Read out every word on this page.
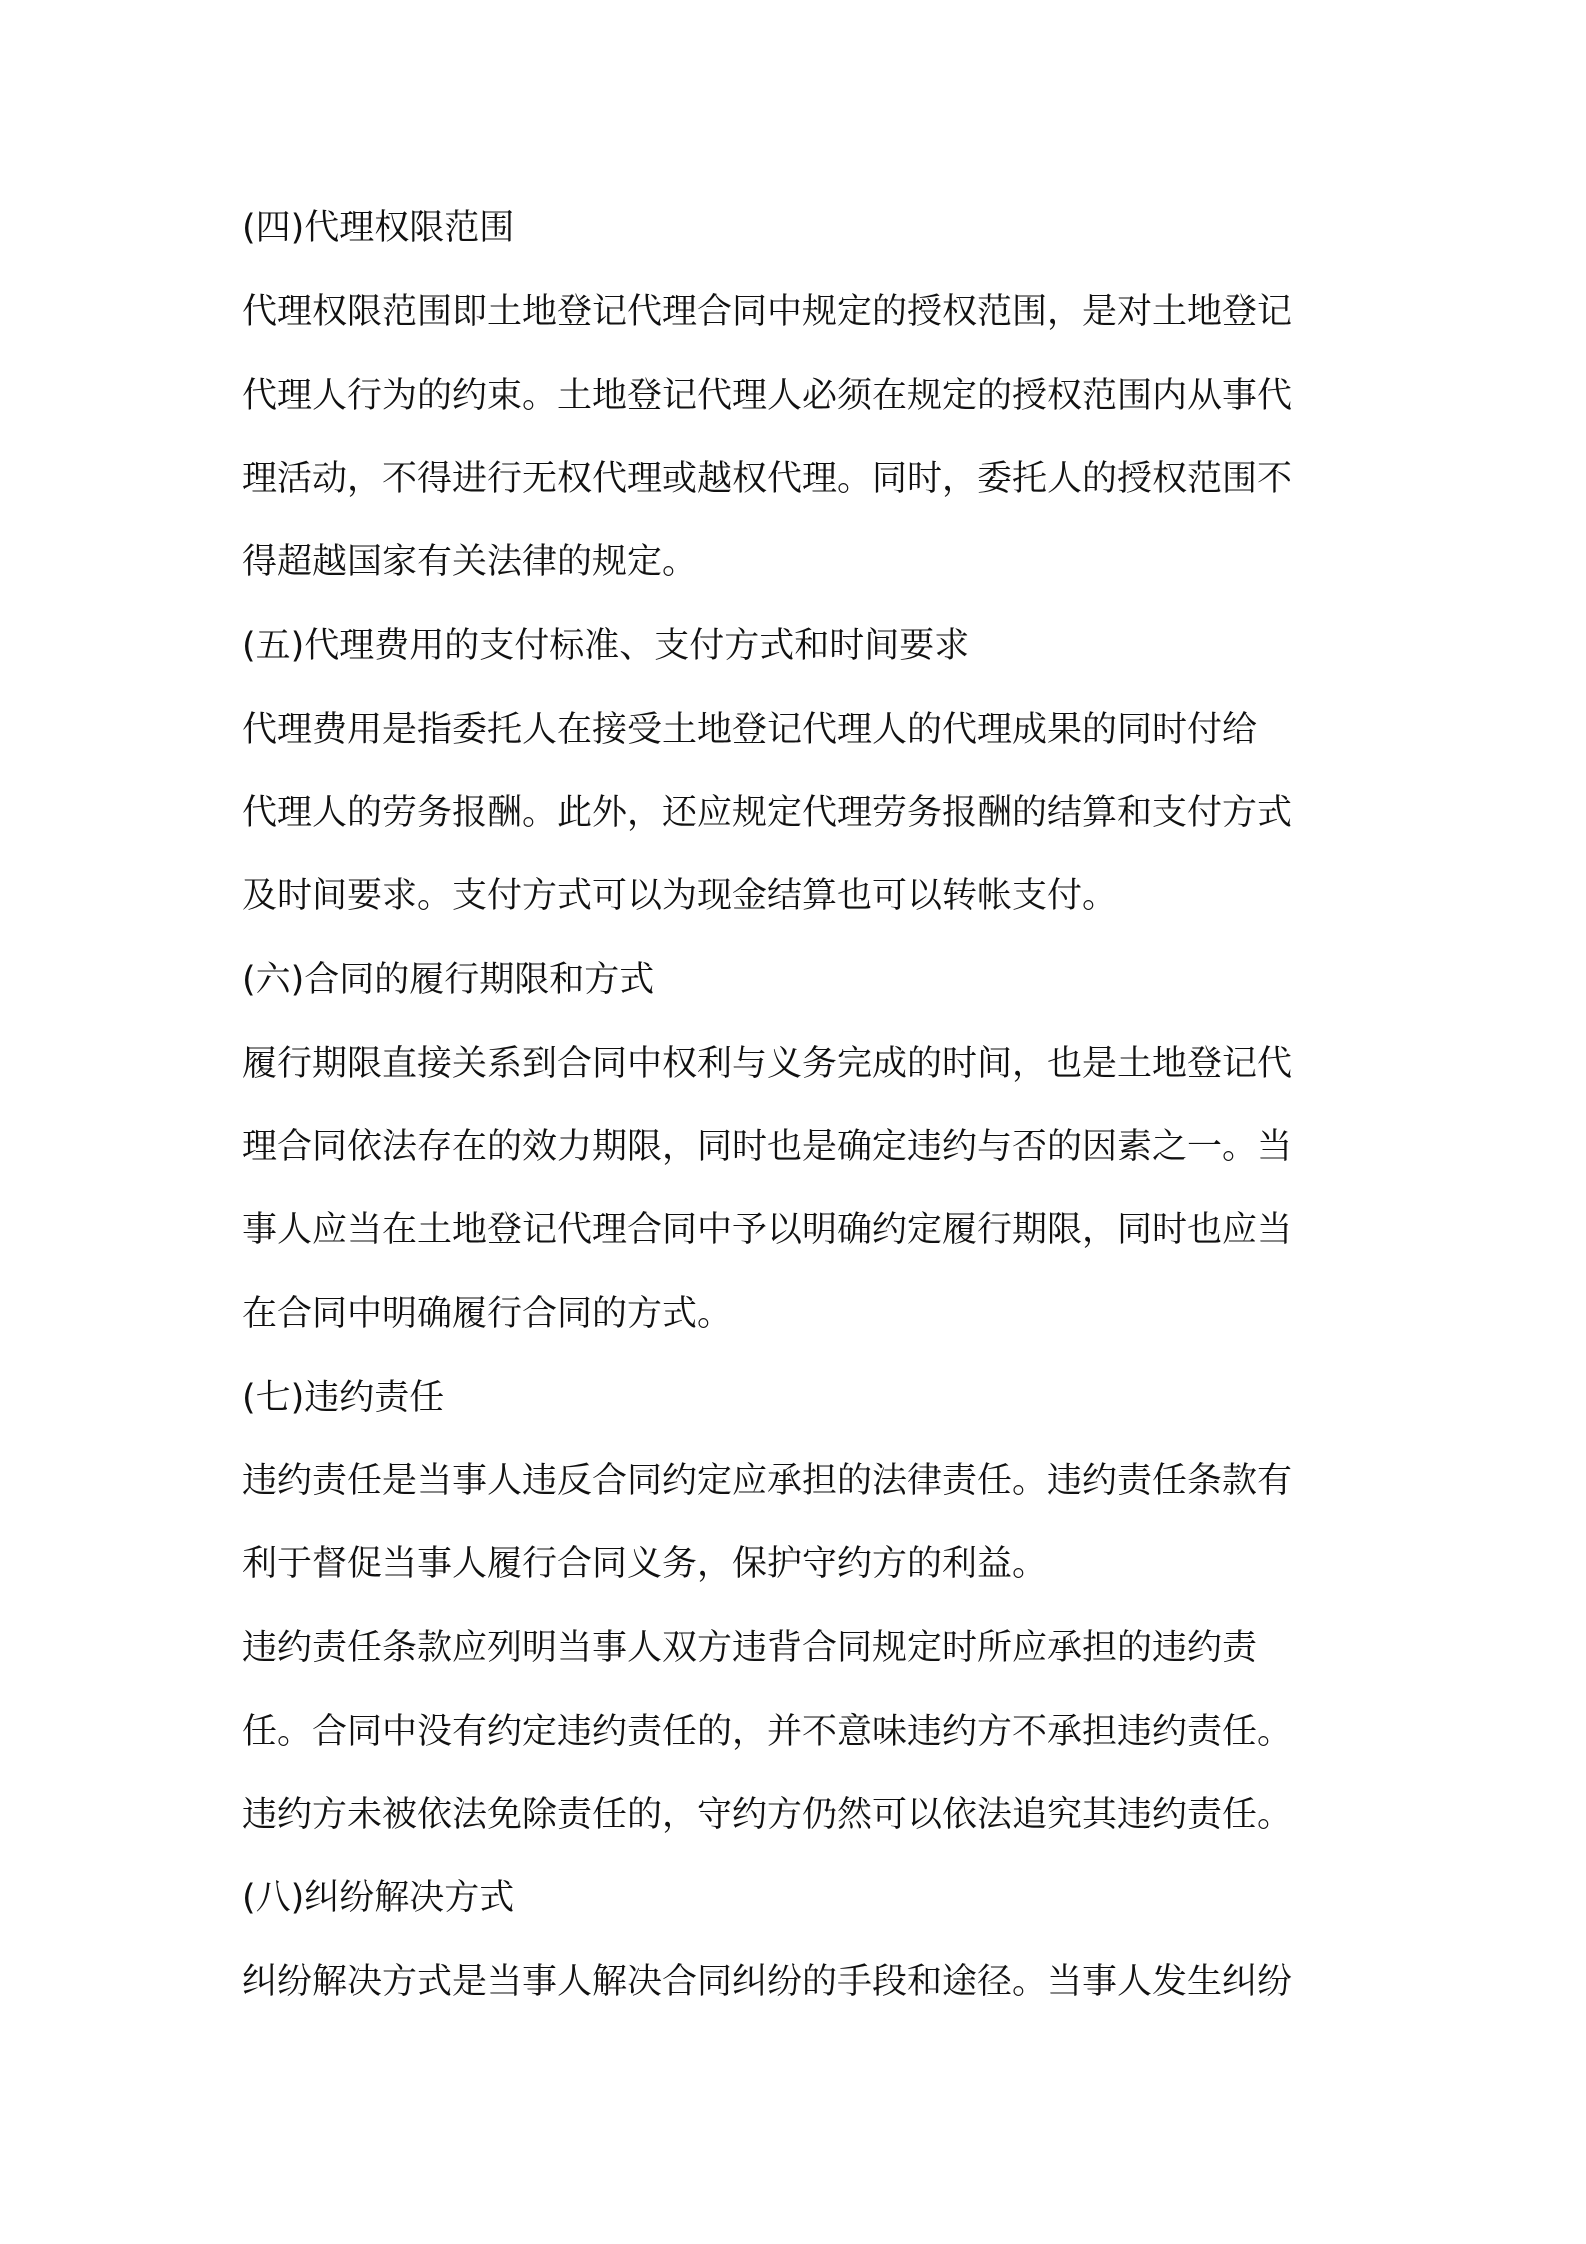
(四)代理权限范围
代理权限范围即土地登记代理合同中规定的授权范围，是对土地登记
代理人行为的约束。土地登记代理人必须在规定的授权范围内从事代
理活动，不得进行无权代理或越权代理。同时，委托人的授权范围不
得超越国家有关法律的规定。
(五)代理费用的支付标准、支付方式和时间要求
代理费用是指委托人在接受土地登记代理人的代理成果的同时付给
代理人的劳务报酬。此外，还应规定代理劳务报酬的结算和支付方式
及时间要求。支付方式可以为现金结算也可以转帐支付。
(六)合同的履行期限和方式
履行期限直接关系到合同中权利与义务完成的时间，也是土地登记代
理合同依法存在的效力期限，同时也是确定违约与否的因素之一。当
事人应当在土地登记代理合同中予以明确约定履行期限，同时也应当
在合同中明确履行合同的方式。
(七)违约责任
违约责任是当事人违反合同约定应承担的法律责任。违约责任条款有
利于督促当事人履行合同义务，保护守约方的利益。
违约责任条款应列明当事人双方违背合同规定时所应承担的违约责
任。合同中没有约定违约责任的，并不意味违约方不承担违约责任。
违约方未被依法免除责任的，守约方仍然可以依法追究其违约责任。
(八)纠纷解决方式
纠纷解决方式是当事人解决合同纠纷的手段和途径。当事人发生纠纷
